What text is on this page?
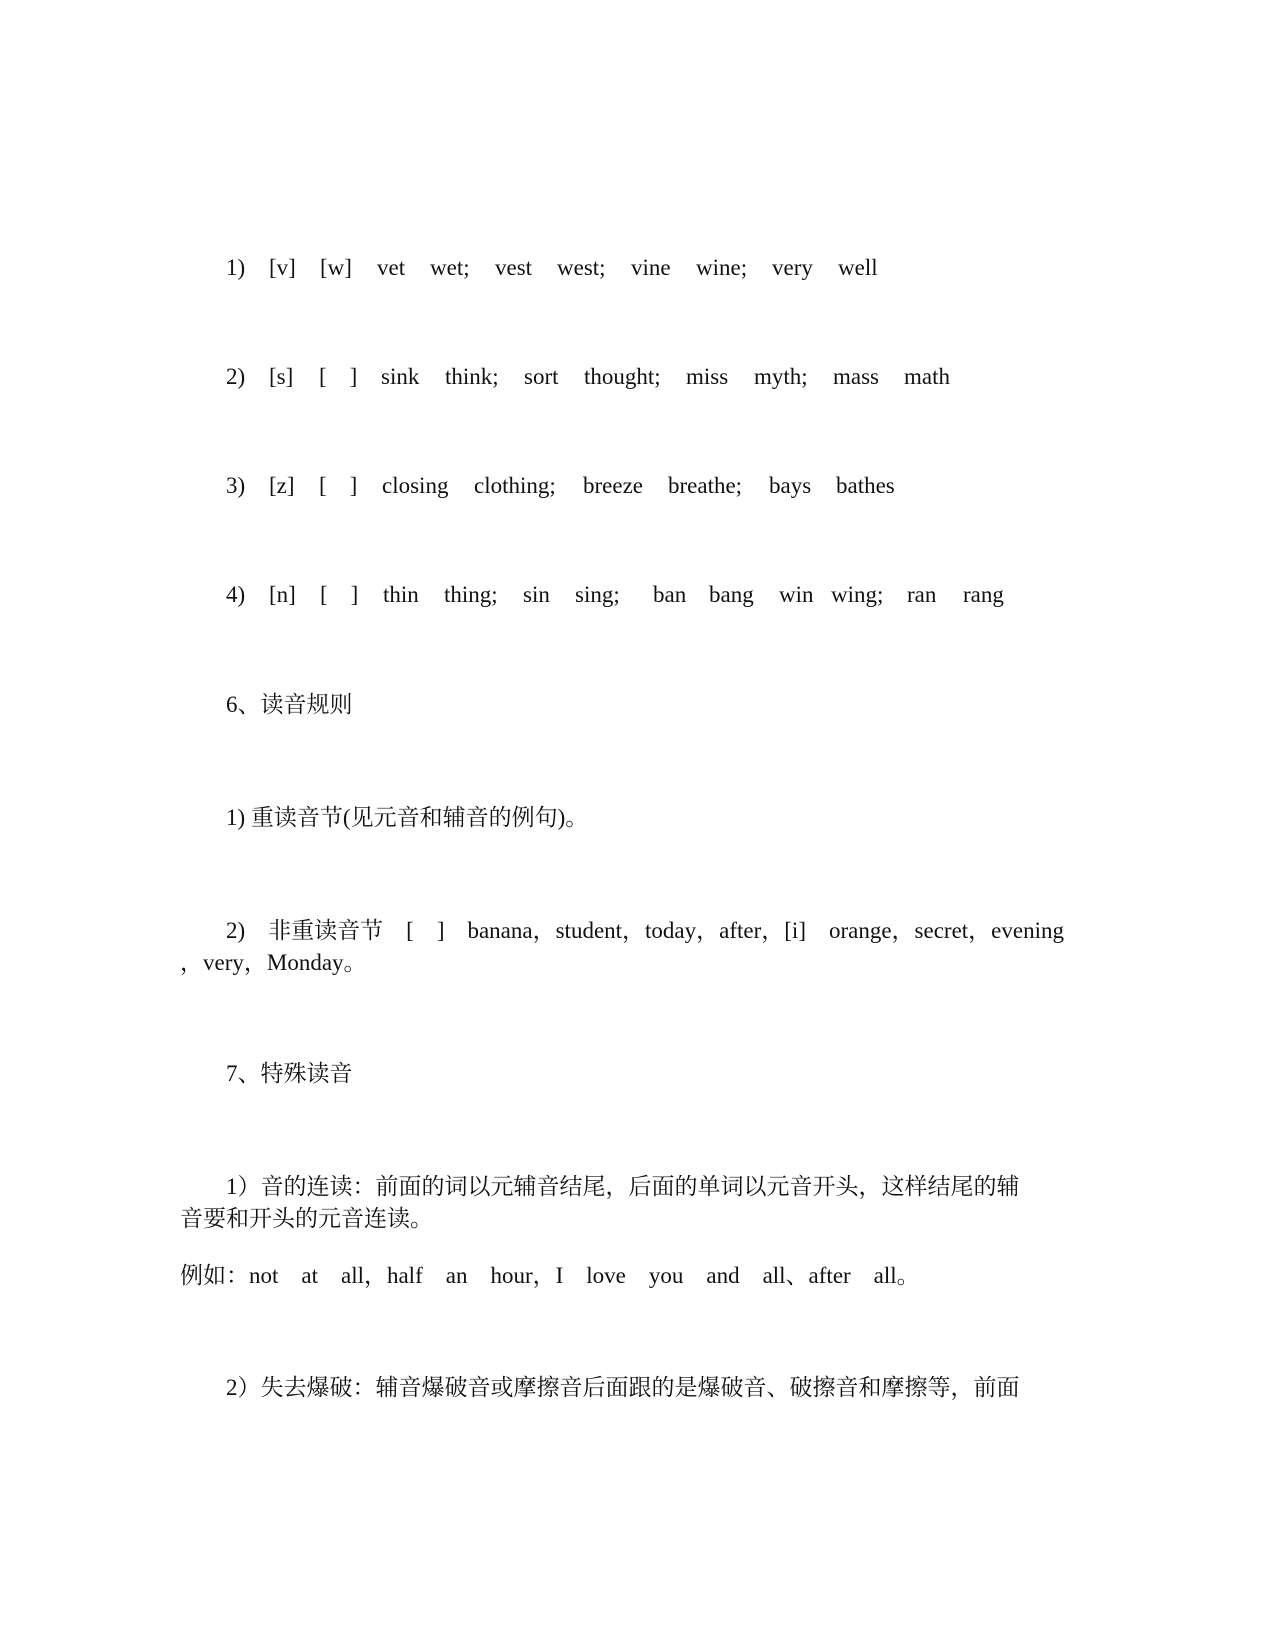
1)	[v]	[w]	vet	wet;	vest	west;	vine	wine;	very	well
2)	[s]	[    ]	sink	think;	sort	thought;	miss	myth;	mass	math
3)	[z]	[    ]	closing	clothing;	breeze	breathe;	bays	bathes
4)	[n]	[    ]	thin	thing;	sin	sing;	ban bang	win wing;	ran	rang
6、读音规则
1) 重读音节(见元音和辅音的例句)。
2)    非重读音节    [    ]    banana，student，today，after，[i]    orange，secret，evening
，very，Monday。
7、特殊读音
1）音的连读：前面的词以元辅音结尾，后面的单词以元音开头，这样结尾的辅
音要和开头的元音连读。
例如：not    at    all，half    an    hour，I    love    you    and    all、after    all。
2）失去爆破：辅音爆破音或摩擦音后面跟的是爆破音、破擦音和摩擦等，前面
